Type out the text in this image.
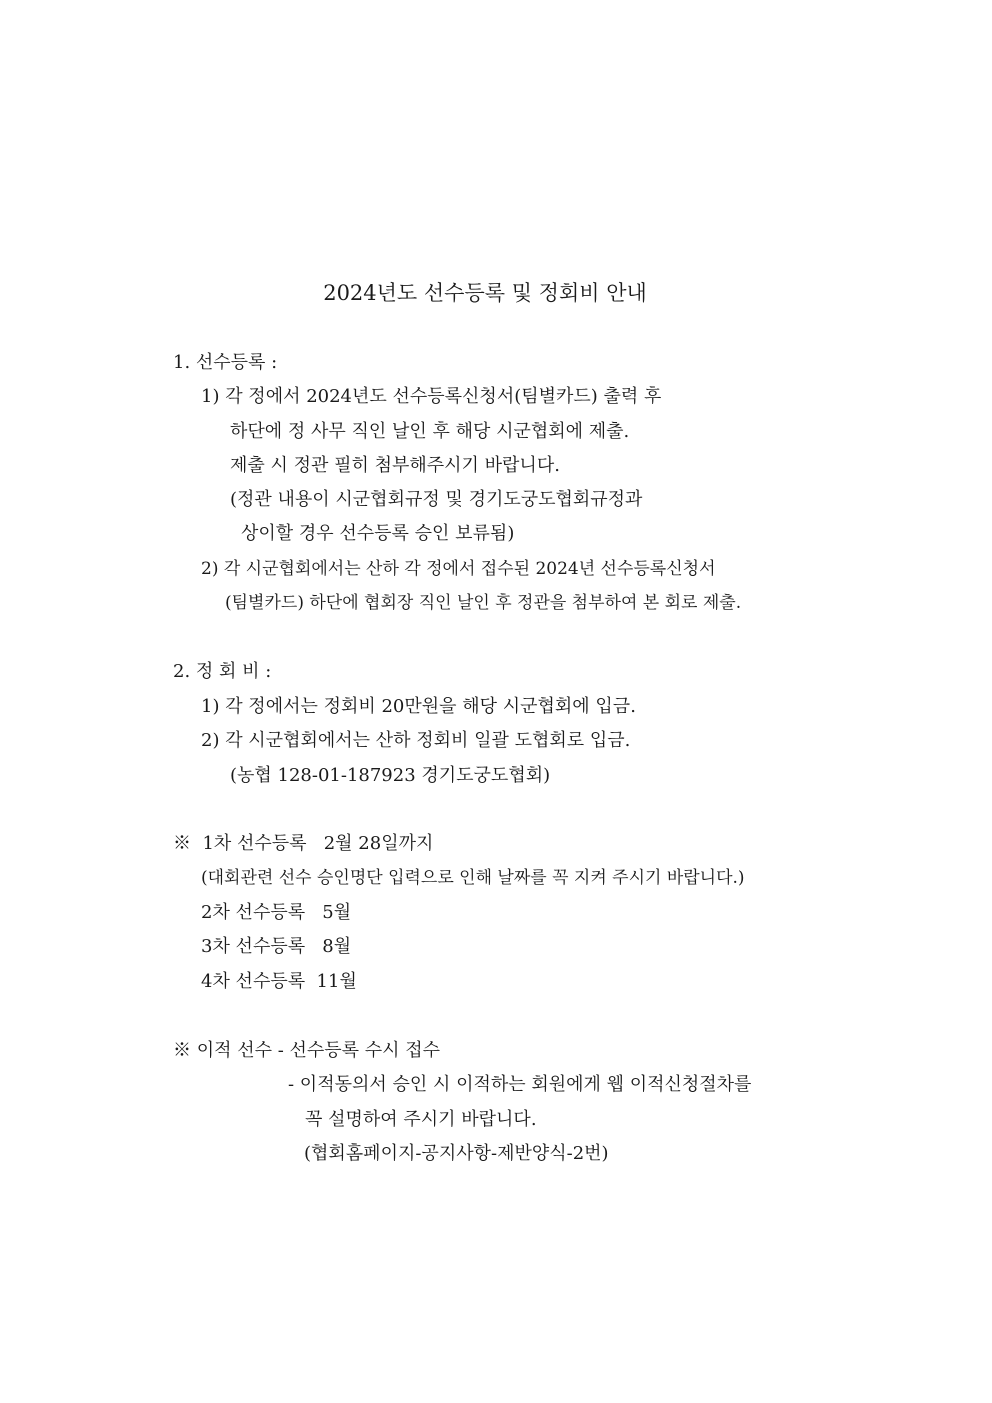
2024년도 선수등록 및 정회비 안내
1. 선수등록 :
1) 각 정에서 2024년도 선수등록신청서(팀별카드) 출력 후
하단에 정 사무 직인 날인 후 해당 시군협회에 제출.
제출 시 정관 필히 첨부해주시기 바랍니다.
(정관 내용이 시군협회규정 및 경기도궁도협회규정과
상이할 경우 선수등록 승인 보류됨)
2) 각 시군협회에서는 산하 각 정에서 접수된 2024년 선수등록신청서
(팀별카드) 하단에 협회장 직인 날인 후 정관을 첨부하여 본 회로 제출.
2. 정 회 비 :
1) 각 정에서는 정회비 20만원을 해당 시군협회에 입금.
2) 각 시군협회에서는 산하 정회비 일괄 도협회로 입금.
(농협 128-01-187923 경기도궁도협회)
※  1차 선수등록   2월 28일까지
(대회관련 선수 승인명단 입력으로 인해 날짜를 꼭 지켜 주시기 바랍니다.)
2차 선수등록   5월
3차 선수등록   8월
4차 선수등록  11월
※ 이적 선수 - 선수등록 수시 접수
- 이적동의서 승인 시 이적하는 회원에게 웹 이적신청절차를
꼭 설명하여 주시기 바랍니다.
(협회홈페이지-공지사항-제반양식-2번)
